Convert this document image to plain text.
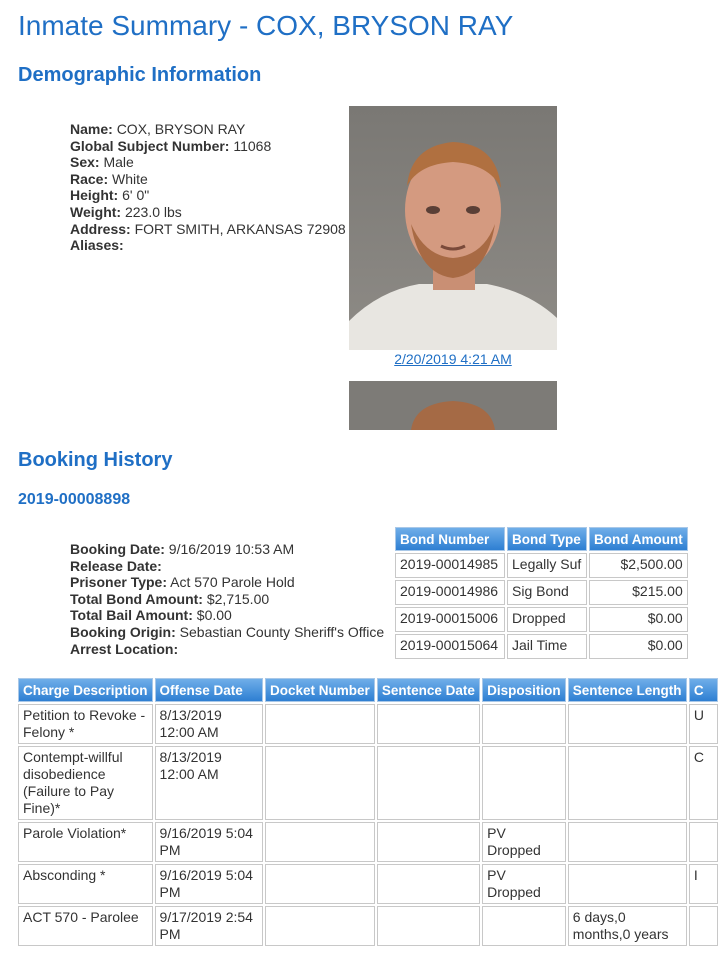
Inmate Summary - COX, BRYSON RAY
Demographic Information
Name: COX, BRYSON RAY
Global Subject Number: 11068
Sex: Male
Race: White
Height: 6' 0"
Weight: 223.0 lbs
Address: FORT SMITH, ARKANSAS 72908
Aliases:
2/20/2019 4:21 AM
Booking History
2019-00008898
Booking Date: 9/16/2019 10:53 AM
Release Date:
Prisoner Type: Act 570 Parole Hold
Total Bond Amount: $2,715.00
Total Bail Amount: $0.00
Booking Origin: Sebastian County Sheriff's Office
Arrest Location:
Bond Number	Bond Type	Bond Amount
2019-00014985	Legally Suf	$2,500.00
2019-00014986	Sig Bond	$215.00
2019-00015006	Dropped	$0.00
2019-00015064	Jail Time	$0.00
Charge Description	Offense Date	Docket Number	Sentence Date	Disposition	Sentence Length	C
Petition to Revoke - Felony *	8/13/2019 12:00 AM					U
Contempt-willful disobedience (Failure to Pay Fine)*	8/13/2019 12:00 AM					C
Parole Violation*	9/16/2019 5:04 PM			PV Dropped		
Absconding *	9/16/2019 5:04 PM			PV Dropped		I
ACT 570 - Parolee	9/17/2019 2:54 PM				6 days,0 months,0 years	
